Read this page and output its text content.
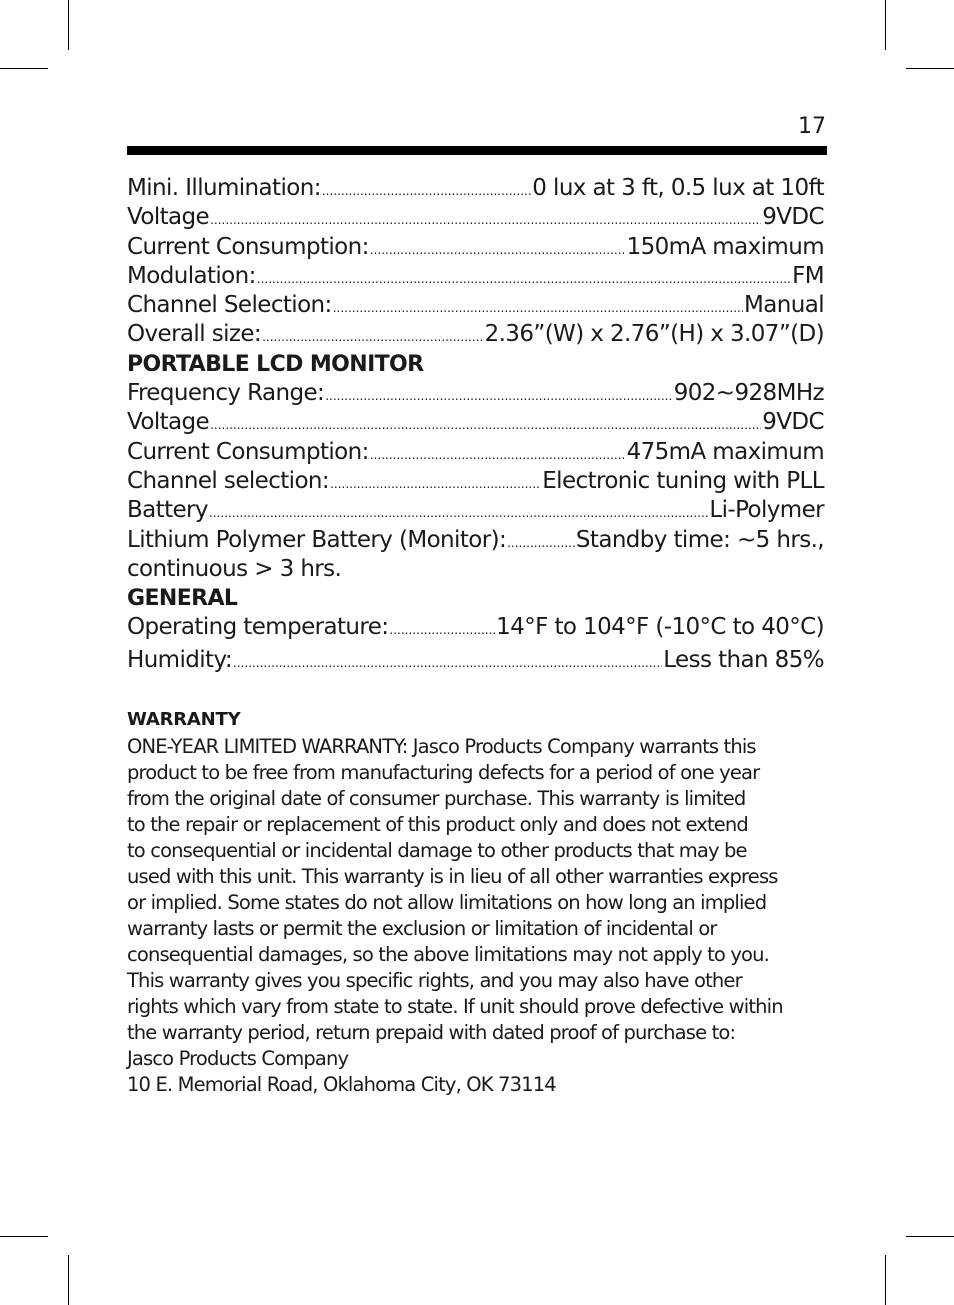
17
Mini. Illumination: .....	0 lux at 3 ft, 0.5 lux at 10ft
Voltage .....	9VDC
Current Consumption: .....	150mA maximum
Modulation: .....	FM
Channel Selection: .....	Manual
Overall size: .....	2.36”(W) x 2.76”(H) x 3.07”(D)
PORTABLE LCD MONITOR
Frequency Range: .....	902~928MHz
Voltage .....	9VDC
Current Consumption: .....	475mA maximum
Channel selection: .....	Electronic tuning with PLL
Battery .....	Li-Polymer
Lithium Polymer Battery (Monitor): .....	Standby time: ~5 hrs.,
continuous > 3 hrs.
GENERAL
Operating temperature: .....	14°F to 104°F (-10°C to 40°C)
Humidity: .....	Less than 85%
WARRANTY
ONE-YEAR LIMITED WARRANTY: Jasco Products Company warrants this
product to be free from manufacturing defects for a period of one year
from the original date of consumer purchase. This warranty is limited
to the repair or replacement of this product only and does not extend
to consequential or incidental damage to other products that may be
used with this unit. This warranty is in lieu of all other warranties express
or implied. Some states do not allow limitations on how long an implied
warranty lasts or permit the exclusion or limitation of incidental or
consequential damages, so the above limitations may not apply to you.
This warranty gives you specific rights, and you may also have other
rights which vary from state to state. If unit should prove defective within
the warranty period, return prepaid with dated proof of purchase to:
Jasco Products Company
10 E. Memorial Road, Oklahoma City, OK 73114
